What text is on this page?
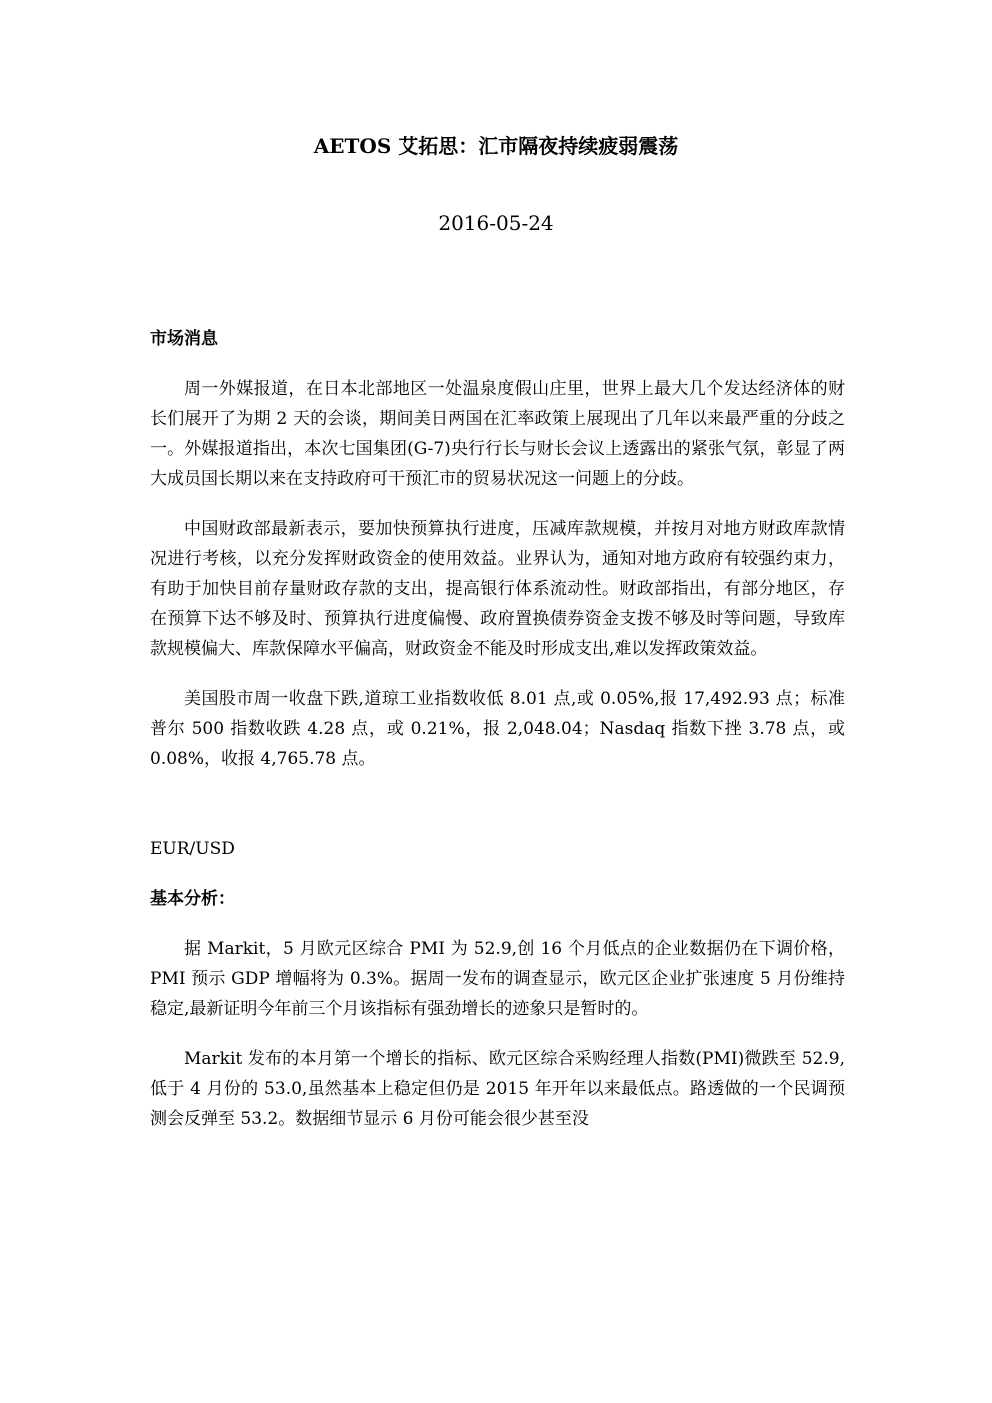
AETOS 艾拓思：汇市隔夜持续疲弱震荡
2016-05-24

市场消息

周一外媒报道，在日本北部地区一处温泉度假山庄里，世界上最大几个发达经济体的财长们展开了为期 2 天的会谈，期间美日两国在汇率政策上展现出了几年以来最严重的分歧之一。外媒报道指出，本次七国集团(G-7)央行行长与财长会议上透露出的紧张气氛，彰显了两大成员国长期以来在支持政府可干预汇市的贸易状况这一问题上的分歧。

中国财政部最新表示，要加快预算执行进度，压减库款规模，并按月对地方财政库款情况进行考核，以充分发挥财政资金的使用效益。业界认为，通知对地方政府有较强约束力，有助于加快目前存量财政存款的支出，提高银行体系流动性。财政部指出，有部分地区，存在预算下达不够及时、预算执行进度偏慢、政府置换债券资金支拨不够及时等问题，导致库款规模偏大、库款保障水平偏高，财政资金不能及时形成支出,难以发挥政策效益。

美国股市周一收盘下跌,道琼工业指数收低 8.01 点,或 0.05%,报 17,492.93 点；标准普尔 500 指数收跌 4.28 点，或 0.21%，报 2,048.04；Nasdaq 指数下挫 3.78 点，或 0.08%，收报 4,765.78 点。

EUR/USD

基本分析：

据 Markit，5 月欧元区综合 PMI 为 52.9,创 16 个月低点的企业数据仍在下调价格，PMI 预示 GDP 增幅将为 0.3%。据周一发布的调查显示，欧元区企业扩张速度 5 月份维持稳定,最新证明今年前三个月该指标有强劲增长的迹象只是暂时的。

Markit 发布的本月第一个增长的指标、欧元区综合采购经理人指数(PMI)微跌至 52.9,低于 4 月份的 53.0,虽然基本上稳定但仍是 2015 年开年以来最低点。路透做的一个民调预测会反弹至 53.2。数据细节显示 6 月份可能会很少甚至没
